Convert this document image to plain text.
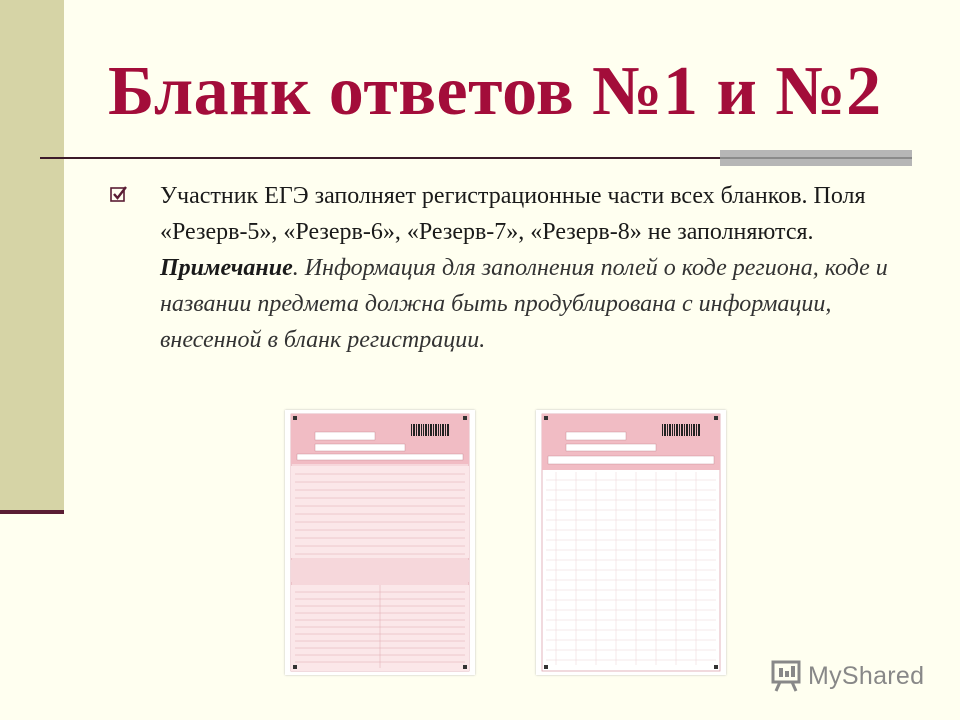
Бланк ответов №1 и №2
Участник ЕГЭ заполняет регистрационные части всех бланков. Поля «Резерв-5», «Резерв-6», «Резерв-7», «Резерв-8» не заполняются. Примечание. Информация для заполнения полей о коде региона, коде и названии предмета должна быть продублирована с информации, внесенной в бланк регистрации.
MyShared
